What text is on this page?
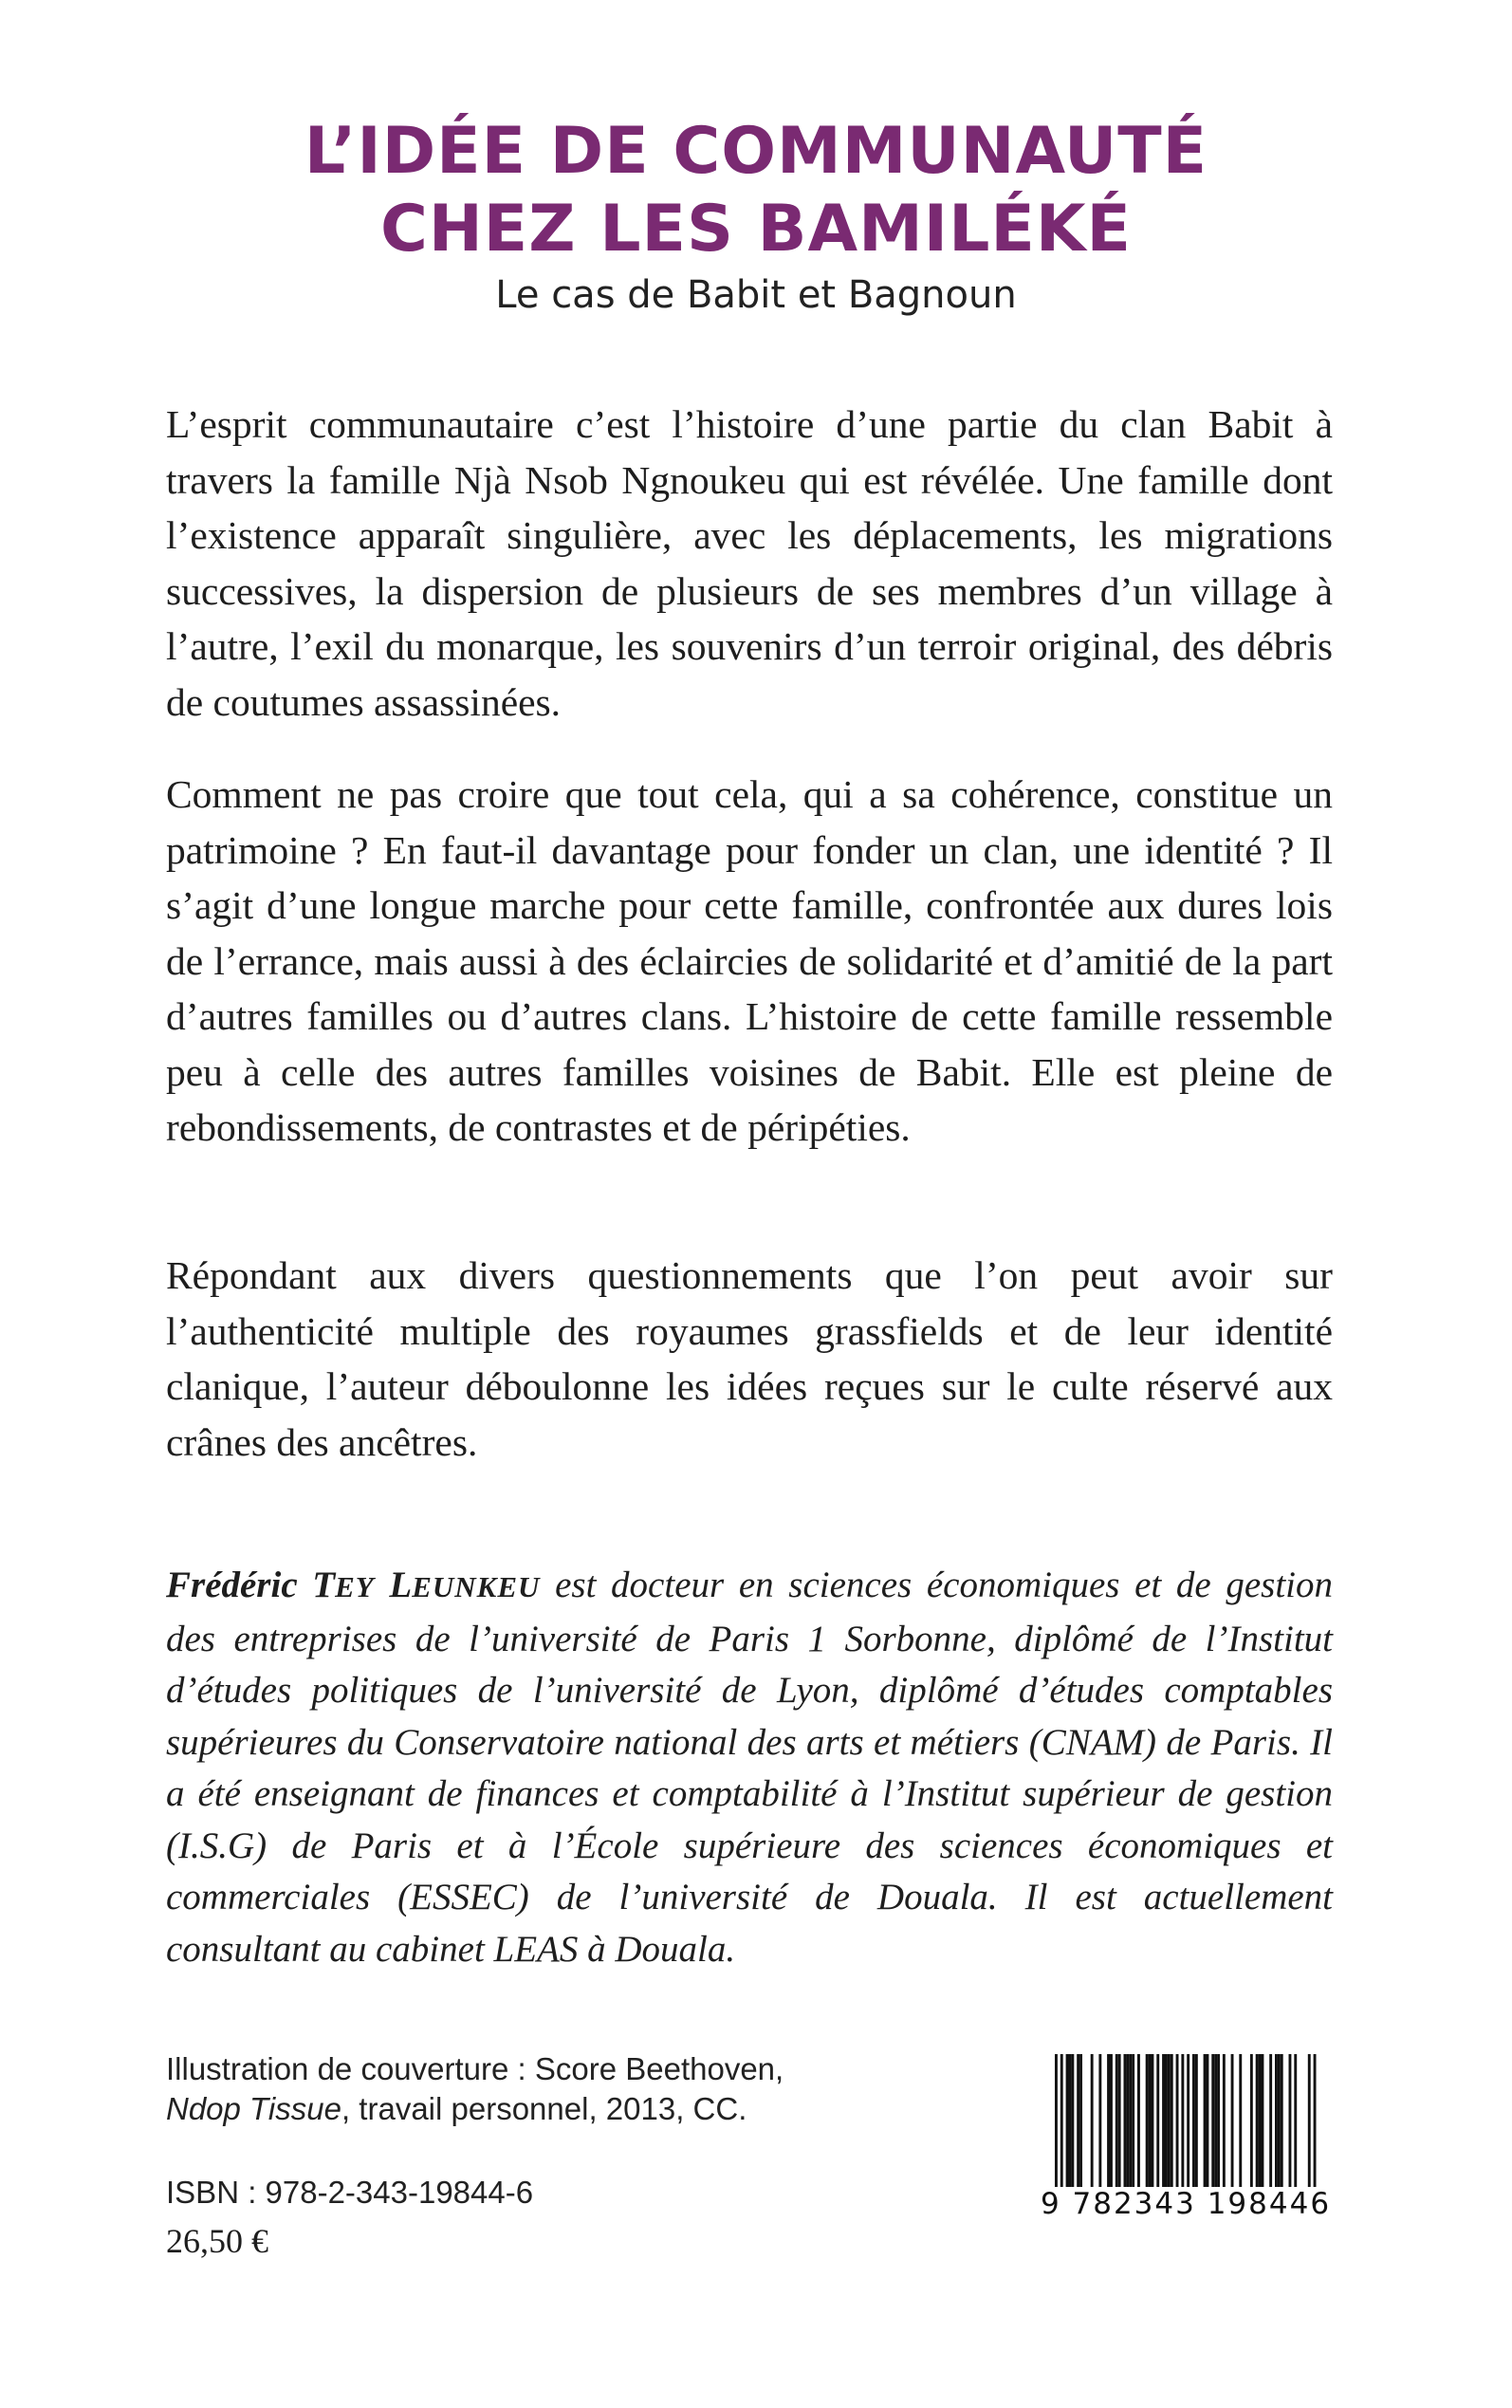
L’IDÉE DE COMMUNAUTÉ
CHEZ LES BAMILÉKÉ
Le cas de Babit et Bagnoun
L’esprit communautaire c’est l’histoire d’une partie du clan Babit à travers la famille Njà Nsob Ngnoukeu qui est révélée. Une famille dont l’existence apparaît singulière, avec les déplacements, les migrations successives, la dispersion de plusieurs de ses membres d’un village à l’autre, l’exil du monarque, les souvenirs d’un terroir original, des débris de coutumes assassinées.
Comment ne pas croire que tout cela, qui a sa cohérence, constitue un patrimoine ? En faut-il davantage pour fonder un clan, une identité ? Il s’agit d’une longue marche pour cette famille, confrontée aux dures lois de l’errance, mais aussi à des éclaircies de solidarité et d’amitié de la part d’autres familles ou d’autres clans. L’histoire de cette famille ressemble peu à celle des autres familles voisines de Babit. Elle est pleine de rebondissements, de contrastes et de péripéties.
Répondant aux divers questionnements que l’on peut avoir sur l’authenticité multiple des royaumes grassfields et de leur identité clanique, l’auteur déboulonne les idées reçues sur le culte réservé aux crânes des ancêtres.
Frédéric TEY LEUNKEU est docteur en sciences économiques et de gestion des entreprises de l’université de Paris 1 Sorbonne, diplômé de l’Institut d’études politiques de l’université de Lyon, diplômé d’études comptables supérieures du Conservatoire national des arts et métiers (CNAM) de Paris. Il a été enseignant de finances et comptabilité à l’Institut supérieur de gestion (I.S.G) de Paris et à l’École supérieure des sciences économiques et commerciales (ESSEC) de l’université de Douala. Il est actuellement consultant au cabinet LEAS à Douala.
Illustration de couverture : Score Beethoven,
Ndop Tissue, travail personnel, 2013, CC.
ISBN : 978-2-343-19844-6
26,50 €
9 782343 198446
